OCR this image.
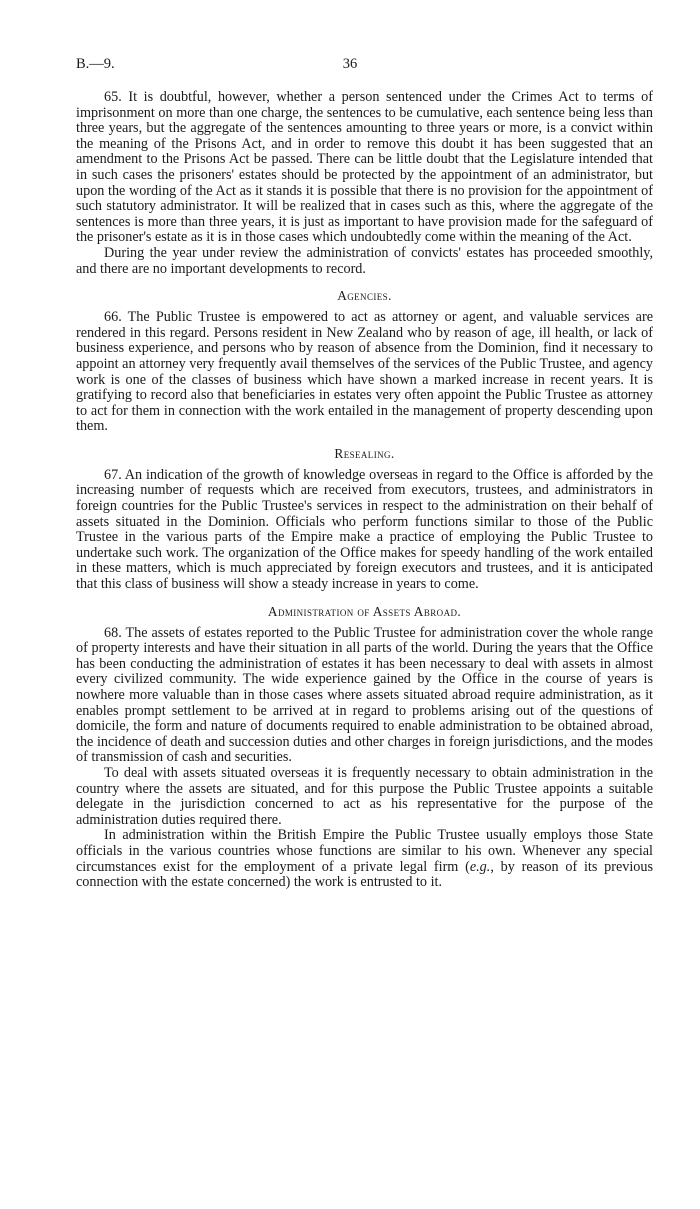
B.—9.	36

65. It is doubtful, however, whether a person sentenced under the Crimes Act to terms of imprisonment on more than one charge, the sentences to be cumulative, each sentence being less than three years, but the aggregate of the sentences amounting to three years or more, is a convict within the meaning of the Prisons Act, and in order to remove this doubt it has been suggested that an amendment to the Prisons Act be passed. There can be little doubt that the Legislature intended that in such cases the prisoners' estates should be protected by the appointment of an administrator, but upon the wording of the Act as it stands it is possible that there is no provision for the appointment of such statutory administrator. It will be realized that in cases such as this, where the aggregate of the sentences is more than three years, it is just as important to have provision made for the safeguard of the prisoner's estate as it is in those cases which undoubtedly come within the meaning of the Act.

During the year under review the administration of convicts' estates has proceeded smoothly, and there are no important developments to record.

Agencies.

66. The Public Trustee is empowered to act as attorney or agent, and valuable services are rendered in this regard. Persons resident in New Zealand who by reason of age, ill health, or lack of business experience, and persons who by reason of absence from the Dominion, find it necessary to appoint an attorney very frequently avail themselves of the services of the Public Trustee, and agency work is one of the classes of business which have shown a marked increase in recent years. It is gratifying to record also that beneficiaries in estates very often appoint the Public Trustee as attorney to act for them in connection with the work entailed in the management of property descending upon them.

Resealing.

67. An indication of the growth of knowledge overseas in regard to the Office is afforded by the increasing number of requests which are received from executors, trustees, and administrators in foreign countries for the Public Trustee's services in respect to the administration on their behalf of assets situated in the Dominion. Officials who perform functions similar to those of the Public Trustee in the various parts of the Empire make a practice of employing the Public Trustee to undertake such work. The organization of the Office makes for speedy handling of the work entailed in these matters, which is much appreciated by foreign executors and trustees, and it is anticipated that this class of business will show a steady increase in years to come.

Administration of Assets Abroad.

68. The assets of estates reported to the Public Trustee for administration cover the whole range of property interests and have their situation in all parts of the world. During the years that the Office has been conducting the administration of estates it has been necessary to deal with assets in almost every civilized community. The wide experience gained by the Office in the course of years is nowhere more valuable than in those cases where assets situated abroad require administration, as it enables prompt settlement to be arrived at in regard to problems arising out of the questions of domicile, the form and nature of documents required to enable administration to be obtained abroad, the incidence of death and succession duties and other charges in foreign jurisdictions, and the modes of transmission of cash and securities.

To deal with assets situated overseas it is frequently necessary to obtain administration in the country where the assets are situated, and for this purpose the Public Trustee appoints a suitable delegate in the jurisdiction concerned to act as his representative for the purpose of the administration duties required there.

In administration within the British Empire the Public Trustee usually employs those State officials in the various countries whose functions are similar to his own. Whenever any special circumstances exist for the employment of a private legal firm (e.g., by reason of its previous connection with the estate concerned) the work is entrusted to it.
